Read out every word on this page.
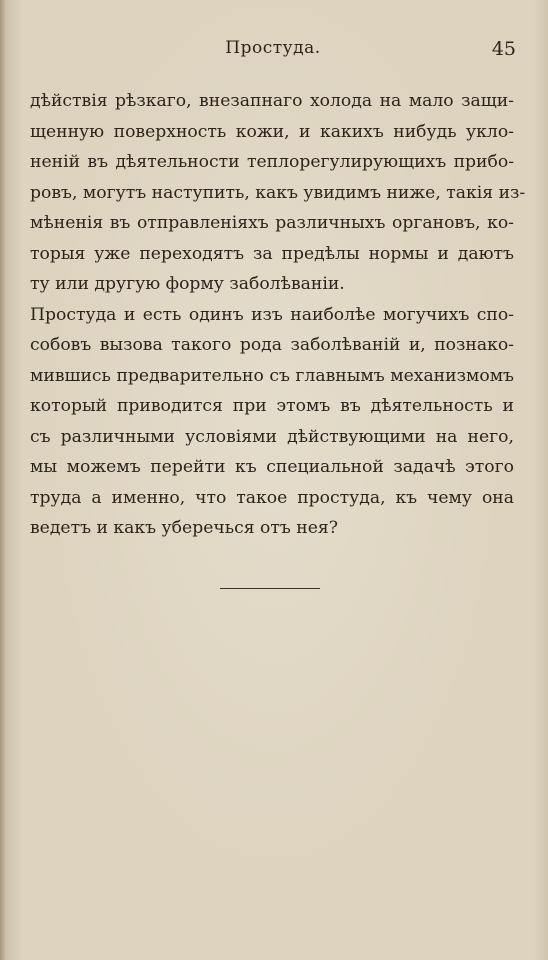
Простуда.	45
дѣйствія рѣзкаго, внезапнаго холода на мало защи-
щенную поверхность кожи, и какихъ нибудь укло-
неній въ дѣятельности теплорегулирующихъ прибо-
ровъ, могутъ наступить, какъ увидимъ ниже, такія из-
мѣненія въ отправленіяхъ различныхъ органовъ, ко-
торыя уже переходятъ за предѣлы нормы и даютъ
ту или другую форму заболѣваніи.
Простуда и есть одинъ изъ наиболѣе могучихъ спо-
собовъ вызова такого рода заболѣваній и, познако-
мившись предварительно съ главнымъ механизмомъ
который приводится при этомъ въ дѣятельность и
съ различными условіями дѣйствующими на него,
мы можемъ перейти къ специальной задачѣ этого
труда а именно, что такое простуда, къ чему она
ведетъ и какъ уберечься отъ нея?
